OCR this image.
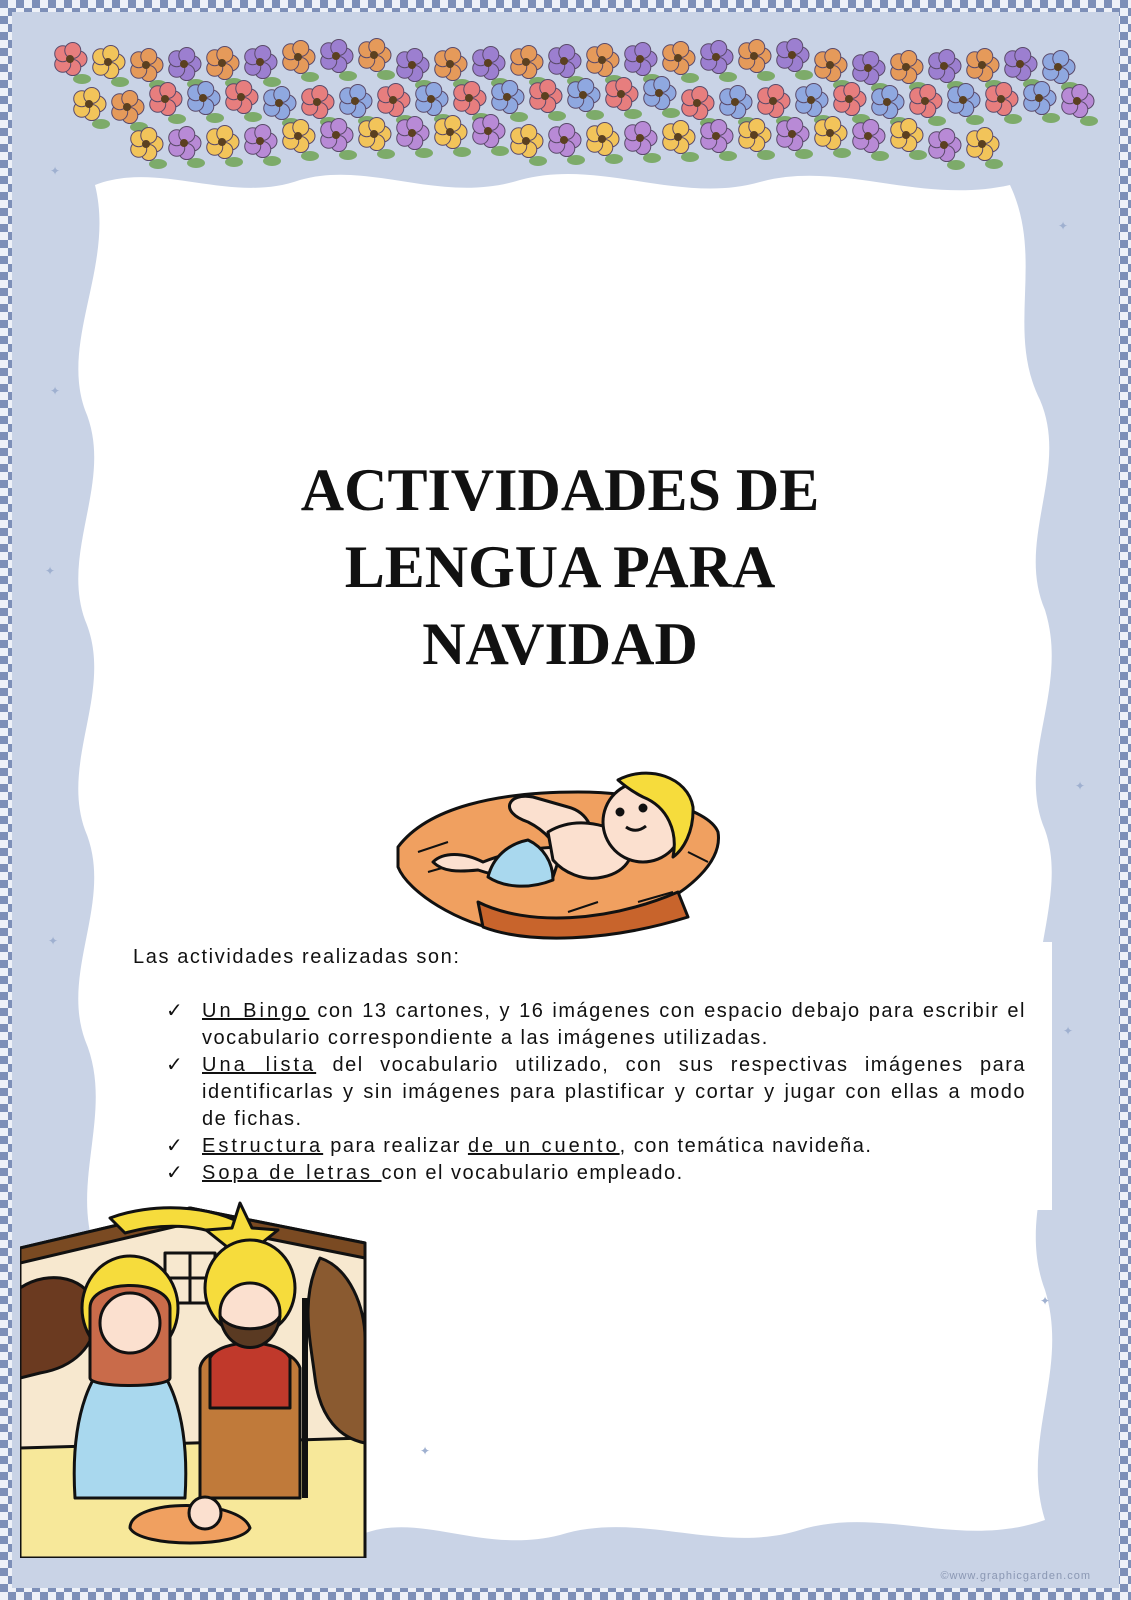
✦
✦
✦
✦
✦
✦
✦
✦
✦
ACTIVIDADES DE
LENGUA PARA
NAVIDAD
Las actividades realizadas son:
✓ Un Bingo con 13 cartones, y 16 imágenes con espacio debajo para escribir el vocabulario correspondiente a las imágenes utilizadas.
✓ Una lista del vocabulario utilizado, con sus respectivas imágenes para identificarlas y sin imágenes para plastificar y cortar y jugar con ellas a modo de fichas.
✓ Estructura para realizar de un cuento, con temática navideña.
✓ Sopa de letras con el vocabulario empleado.
©www.graphicgarden.com
